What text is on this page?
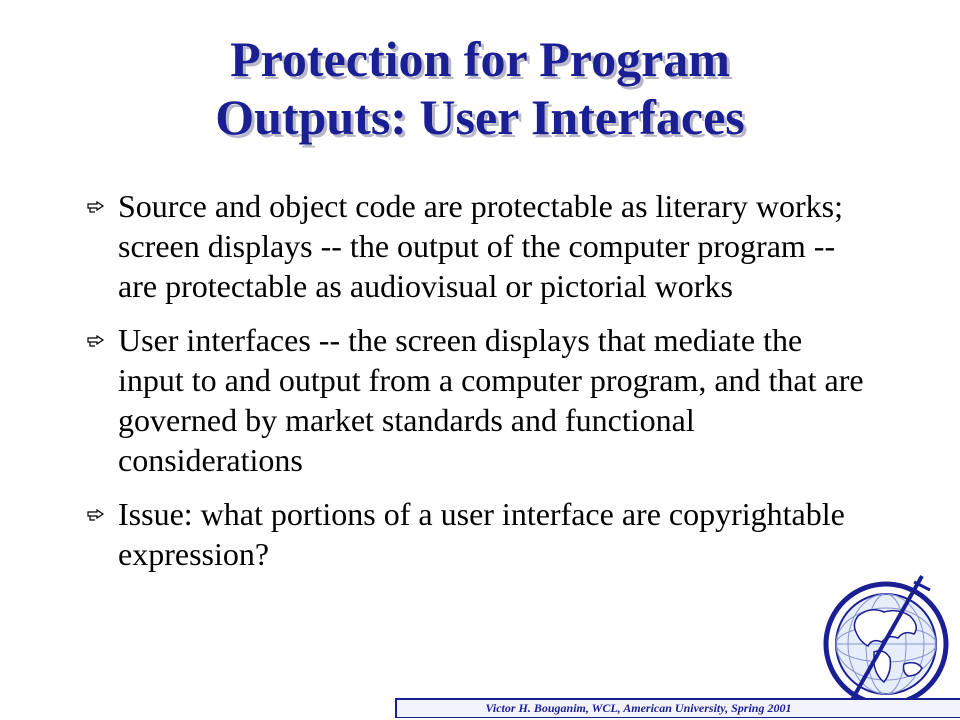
Protection for Program
Outputs: User Interfaces
Source and object code are protectable as literary works; screen displays -- the output of the computer program -- are protectable as audiovisual or pictorial works
User interfaces -- the screen displays that mediate the input to and output from a computer program, and that are governed by market standards and functional considerations
Issue: what portions of a user interface are copyrightable expression?
Victor H. Bouganim, WCL, American University, Spring 2001
